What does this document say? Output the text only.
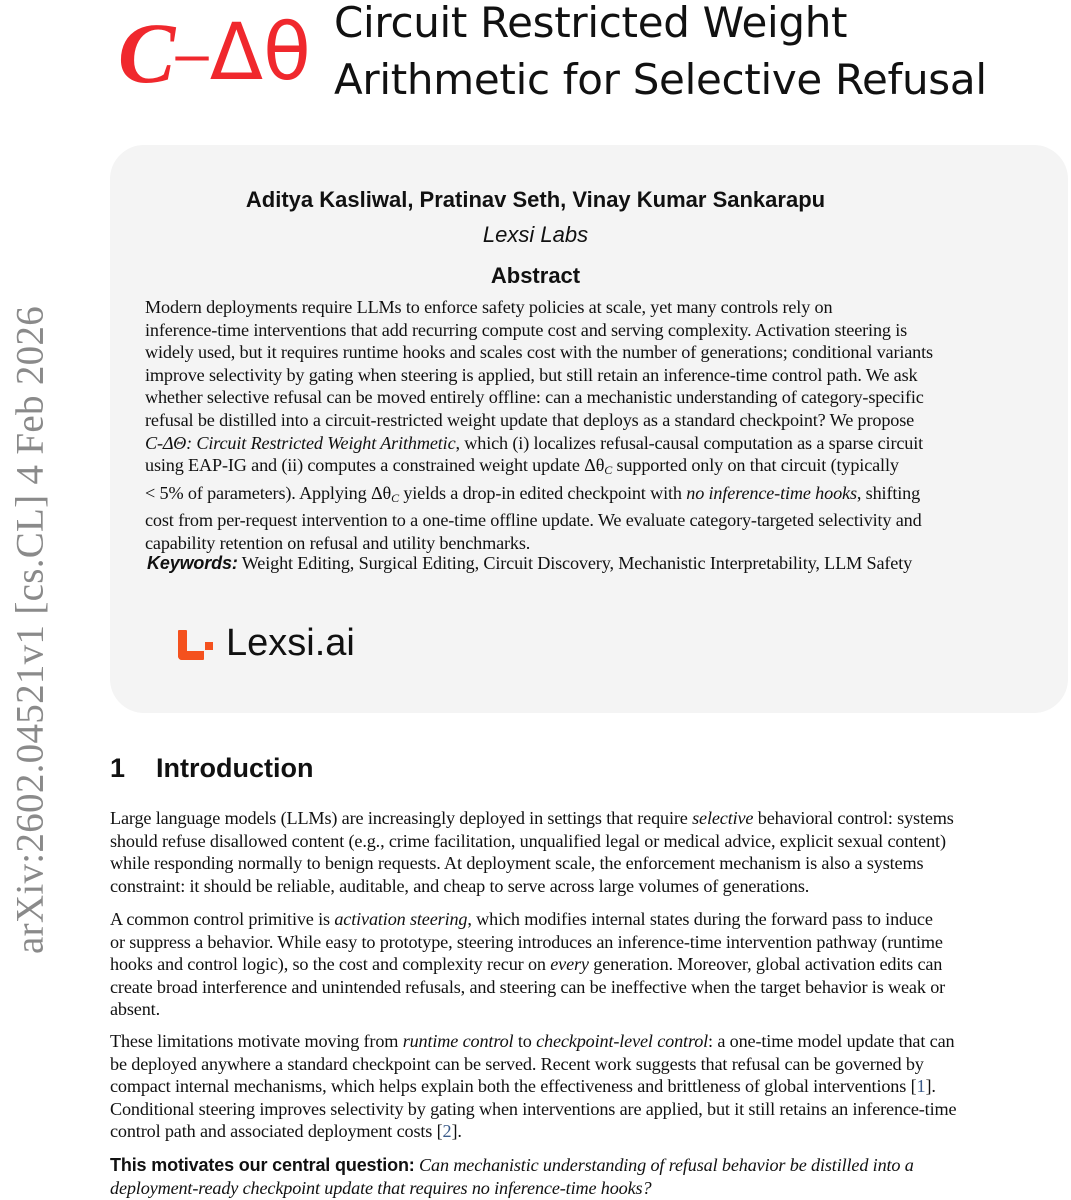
arXiv:2602.04521v1 [cs.CL] 4 Feb 2026
C – Δθ Circuit Restricted Weight
Arithmetic for Selective Refusal
Aditya Kasliwal, Pratinav Seth, Vinay Kumar Sankarapu
Lexsi Labs
Abstract
Modern deployments require LLMs to enforce safety policies at scale, yet many controls rely on
inference-time interventions that add recurring compute cost and serving complexity. Activation steering is
widely used, but it requires runtime hooks and scales cost with the number of generations; conditional variants
improve selectivity by gating when steering is applied, but still retain an inference-time control path. We ask
whether selective refusal can be moved entirely offline: can a mechanistic understanding of category-specific
refusal be distilled into a circuit-restricted weight update that deploys as a standard checkpoint? We propose
C-ΔΘ: Circuit Restricted Weight Arithmetic, which (i) localizes refusal-causal computation as a sparse circuit
using EAP-IG and (ii) computes a constrained weight update $\Delta\theta_C$ supported only on that circuit (typically
< 5% of parameters). Applying $\Delta\theta_C$ yields a drop-in edited checkpoint with no inference-time hooks, shifting
cost from per-request intervention to a one-time offline update. We evaluate category-targeted selectivity and
capability retention on refusal and utility benchmarks.
Keywords: Weight Editing, Surgical Editing, Circuit Discovery, Mechanistic Interpretability, LLM Safety
Lexsi.ai
1 Introduction
Large language models (LLMs) are increasingly deployed in settings that require selective behavioral control: systems
should refuse disallowed content (e.g., crime facilitation, unqualified legal or medical advice, explicit sexual content)
while responding normally to benign requests. At deployment scale, the enforcement mechanism is also a systems
constraint: it should be reliable, auditable, and cheap to serve across large volumes of generations.
A common control primitive is activation steering, which modifies internal states during the forward pass to induce
or suppress a behavior. While easy to prototype, steering introduces an inference-time intervention pathway (runtime
hooks and control logic), so the cost and complexity recur on every generation. Moreover, global activation edits can
create broad interference and unintended refusals, and steering can be ineffective when the target behavior is weak or
absent.
These limitations motivate moving from runtime control to checkpoint-level control: a one-time model update that can
be deployed anywhere a standard checkpoint can be served. Recent work suggests that refusal can be governed by
compact internal mechanisms, which helps explain both the effectiveness and brittleness of global interventions [1].
Conditional steering improves selectivity by gating when interventions are applied, but it still retains an inference-time
control path and associated deployment costs [2].
This motivates our central question: Can mechanistic understanding of refusal behavior be distilled into a
deployment-ready checkpoint update that requires no inference-time hooks?
